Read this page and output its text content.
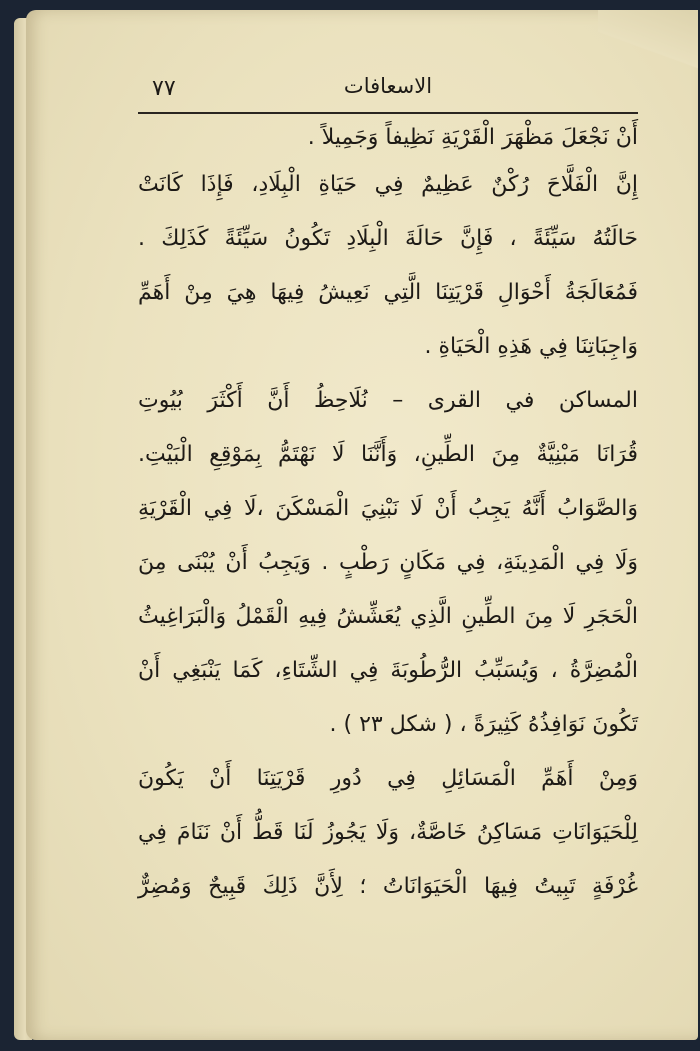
٧٧	الاسعافات
أَنْ نَجْعَلَ مَظْهَرَ الْقَرْيَةِ نَظِيفاً وَجَمِيلاً .
إِنَّ الْفَلَّاحَ رُكْنٌ عَظِيمٌ فِي حَيَاةِ الْبِلَادِ، فَإِذَا كَانَتْ
حَالَتُهُ سَيِّئَةً ، فَإِنَّ حَالَةَ الْبِلَادِ تَكُونُ سَيِّئَةً كَذَلِكَ .
فَمُعَالَجَةُ أَحْوَالِ قَرْيَتِنَا الَّتِي نَعِيشُ فِيهَا هِيَ مِنْ أَهَمِّ
وَاجِبَاتِنَا فِي هَذِهِ الْحَيَاةِ .
المساكن في القرى – نُلَاحِظُ أَنَّ أَكْثَرَ بُيُوتِ
قُرَانَا مَبْنِيَّةٌ مِنَ الطِّينِ، وَأَنَّنَا لَا نَهْتَمُّ بِمَوْقِعِ الْبَيْتِ.
وَالصَّوَابُ أَنَّهُ يَجِبُ أَنْ لَا نَبْنِيَ الْمَسْكَنَ ،لَا فِي الْقَرْيَةِ
وَلَا فِي الْمَدِينَةِ، فِي مَكَانٍ رَطْبٍ . وَيَجِبُ أَنْ يُبْنَى مِنَ
الْحَجَرِ لَا مِنَ الطِّينِ الَّذِي يُعَشِّشُ فِيهِ الْقَمْلُ وَالْبَرَاغِيثُ
الْمُضِرَّةُ ، وَيُسَبِّبُ الرُّطُوبَةَ فِي الشِّتَاءِ، كَمَا يَنْبَغِي أَنْ
تَكُونَ نَوَافِذُهُ كَثِيرَةً ، ( شكل ٢٣ ) .
وَمِنْ أَهَمِّ الْمَسَائِلِ فِي دُورِ قَرْيَتِنَا أَنْ يَكُونَ
لِلْحَيَوَانَاتِ مَسَاكِنُ خَاصَّةٌ، وَلَا يَجُوزُ لَنَا قَطُّ أَنْ نَنَامَ فِي
غُرْفَةٍ تَبِيتُ فِيهَا الْحَيَوَانَاتُ ؛ لِأَنَّ ذَلِكَ قَبِيحٌ وَمُضِرٌّ
